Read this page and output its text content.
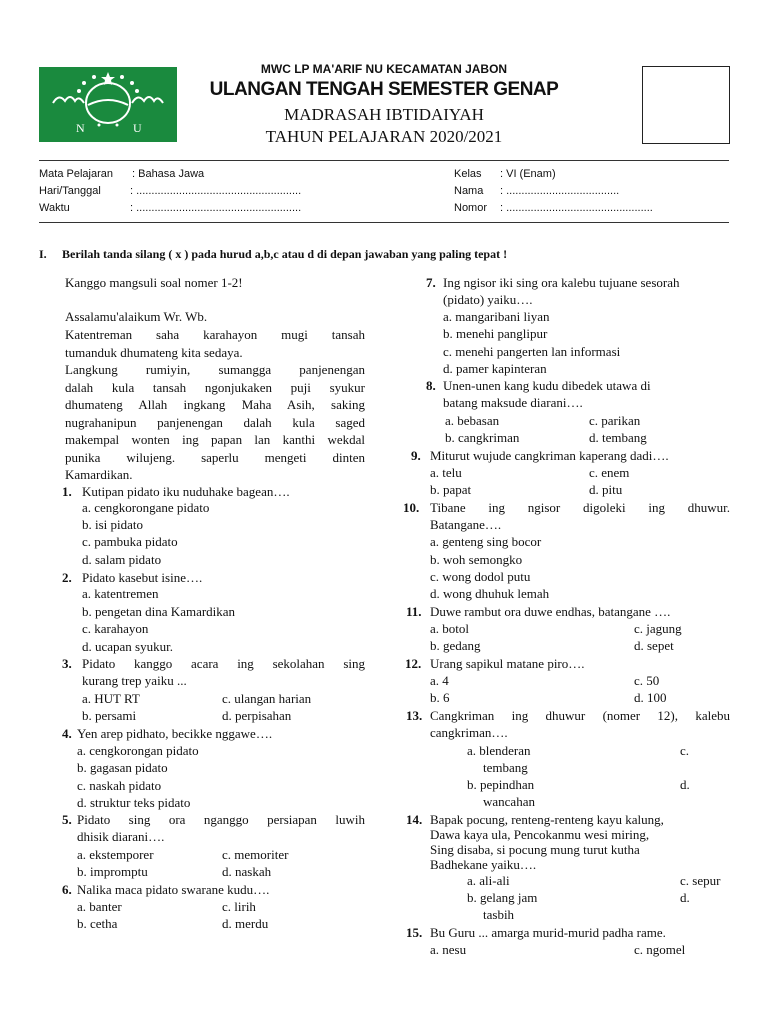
N	U
MWC LP MA'ARIF NU KECAMATAN JABON
ULANGAN TENGAH SEMESTER GENAP
MADRASAH IBTIDAIYAH
TAHUN PELAJARAN 2020/2021
Mata Pelajaran : Bahasa Jawa
Hari/Tanggal	: ......................................................
Waktu	: ......................................................
Kelas : VI (Enam)
Nama : .....................................
Nomor : ................................................
I. Berilah tanda silang ( x ) pada hurud a,b,c atau d di depan jawaban yang paling tepat !
Kanggo mangsuli soal nomer 1-2!
Assalamu'alaikum Wr. Wb.
Katentreman saha karahayon mugi tansah
tumanduk dhumateng kita sedaya.
Langkung rumiyin, sumangga panjenengan
dalah kula tansah ngonjukaken puji syukur
dhumateng Allah ingkang Maha Asih, saking
nugrahanipun panjenengan dalah kula saged
makempal wonten ing papan lan kanthi wekdal
punika wilujeng. saperlu mengeti dinten
Kamardikan.
1. Kutipan pidato iku nuduhake bagean….
a. cengkorongane pidato
b. isi pidato
c. pambuka pidato
d. salam pidato
2. Pidato kasebut isine….
a. katentremen
b. pengetan dina Kamardikan
c. karahayon
d. ucapan syukur.
3. Pidato kanggo acara ing sekolahan sing
kurang trep yaiku ...
a. HUT RT
b. persami
c. ulangan harian
d. perpisahan
4. Yen arep pidhato, becikke nggawe….
a. cengkorongan pidato
b. gagasan pidato
c. naskah pidato
d. struktur teks pidato
5. Pidato sing ora nganggo persiapan luwih
dhisik diarani….
a. ekstemporer
b. impromptu
c. memoriter
d. naskah
6. Nalika maca pidato swarane kudu….
a. banter
b. cetha
c. lirih
d. merdu
7. Ing ngisor iki sing ora kalebu tujuane sesorah
(pidato) yaiku….
a. mangaribani liyan
b. menehi panglipur
c. menehi pangerten lan informasi
d. pamer kapinteran
8. Unen-unen kang kudu dibedek utawa di
batang maksude diarani….
a. bebasan
b. cangkriman
c. parikan
d. tembang
9. Miturut wujude cangkriman kaperang dadi….
a. telu
b. papat
c. enem
d. pitu
10. Tibane ing ngisor digoleki ing dhuwur.
Batangane….
a. genteng sing bocor
b. woh semongko
c. wong dodol putu
d. wong dhuhuk lemah
11. Duwe rambut ora duwe endhas, batangane ….
a. botol
b. gedang
c. jagung
d. sepet
12. Urang sapikul matane piro….
a. 4
b. 6
c. 50
d. 100
13. Cangkriman ing dhuwur (nomer 12), kalebu
cangkriman….
a. blenderan	c.
tembang
b. pepindhan	d.
wancahan
14. Bapak pocung, renteng-renteng kayu kalung,
Dawa kaya ula, Pencokanmu wesi miring,
Sing disaba, si pocung mung turut kutha
Badhekane yaiku….
a. ali-ali	c. sepur
b. gelang jam	d.
tasbih
15. Bu Guru ... amarga murid-murid padha rame.
a. nesu	c. ngomel
